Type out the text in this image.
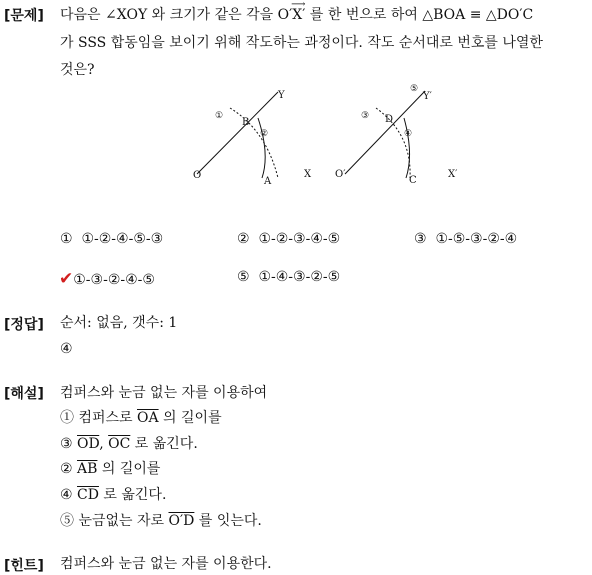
[문제] 다음은 ∠XOY 와 크기가 같은 각을
⟶
O′X′ 를 한 번으로 하여 △BOA ≡ △DO′C
가 SSS 합동임을 보이기 위해 작도하는 과정이다. 작도 순서대로 번호를 나열한
것은?
Y
B
O
A
X
①
②
Y′
D
O′
C
X′
⑤
③
④
① ①-②-④-⑤-③	② ①-②-③-④-⑤	③ ①-⑤-③-②-④
✔①-③-②-④-⑤	⑤ ①-④-③-②-⑤
[정답] 순서: 없음, 갯수: 1
④
[해설] 컴퍼스와 눈금 없는 자를 이용하여
① 컴퍼스로 $\overline{OA}$ 의 길이를
③ $\overline{OD}$, $\overline{OC}$ 로 옮긴다.
② $\overline{AB}$ 의 길이를
④ $\overline{CD}$ 로 옮긴다.
⑤ 눈금없는 자로 O′D 를 잇는다.
[힌트] 컴퍼스와 눈금 없는 자를 이용한다.
